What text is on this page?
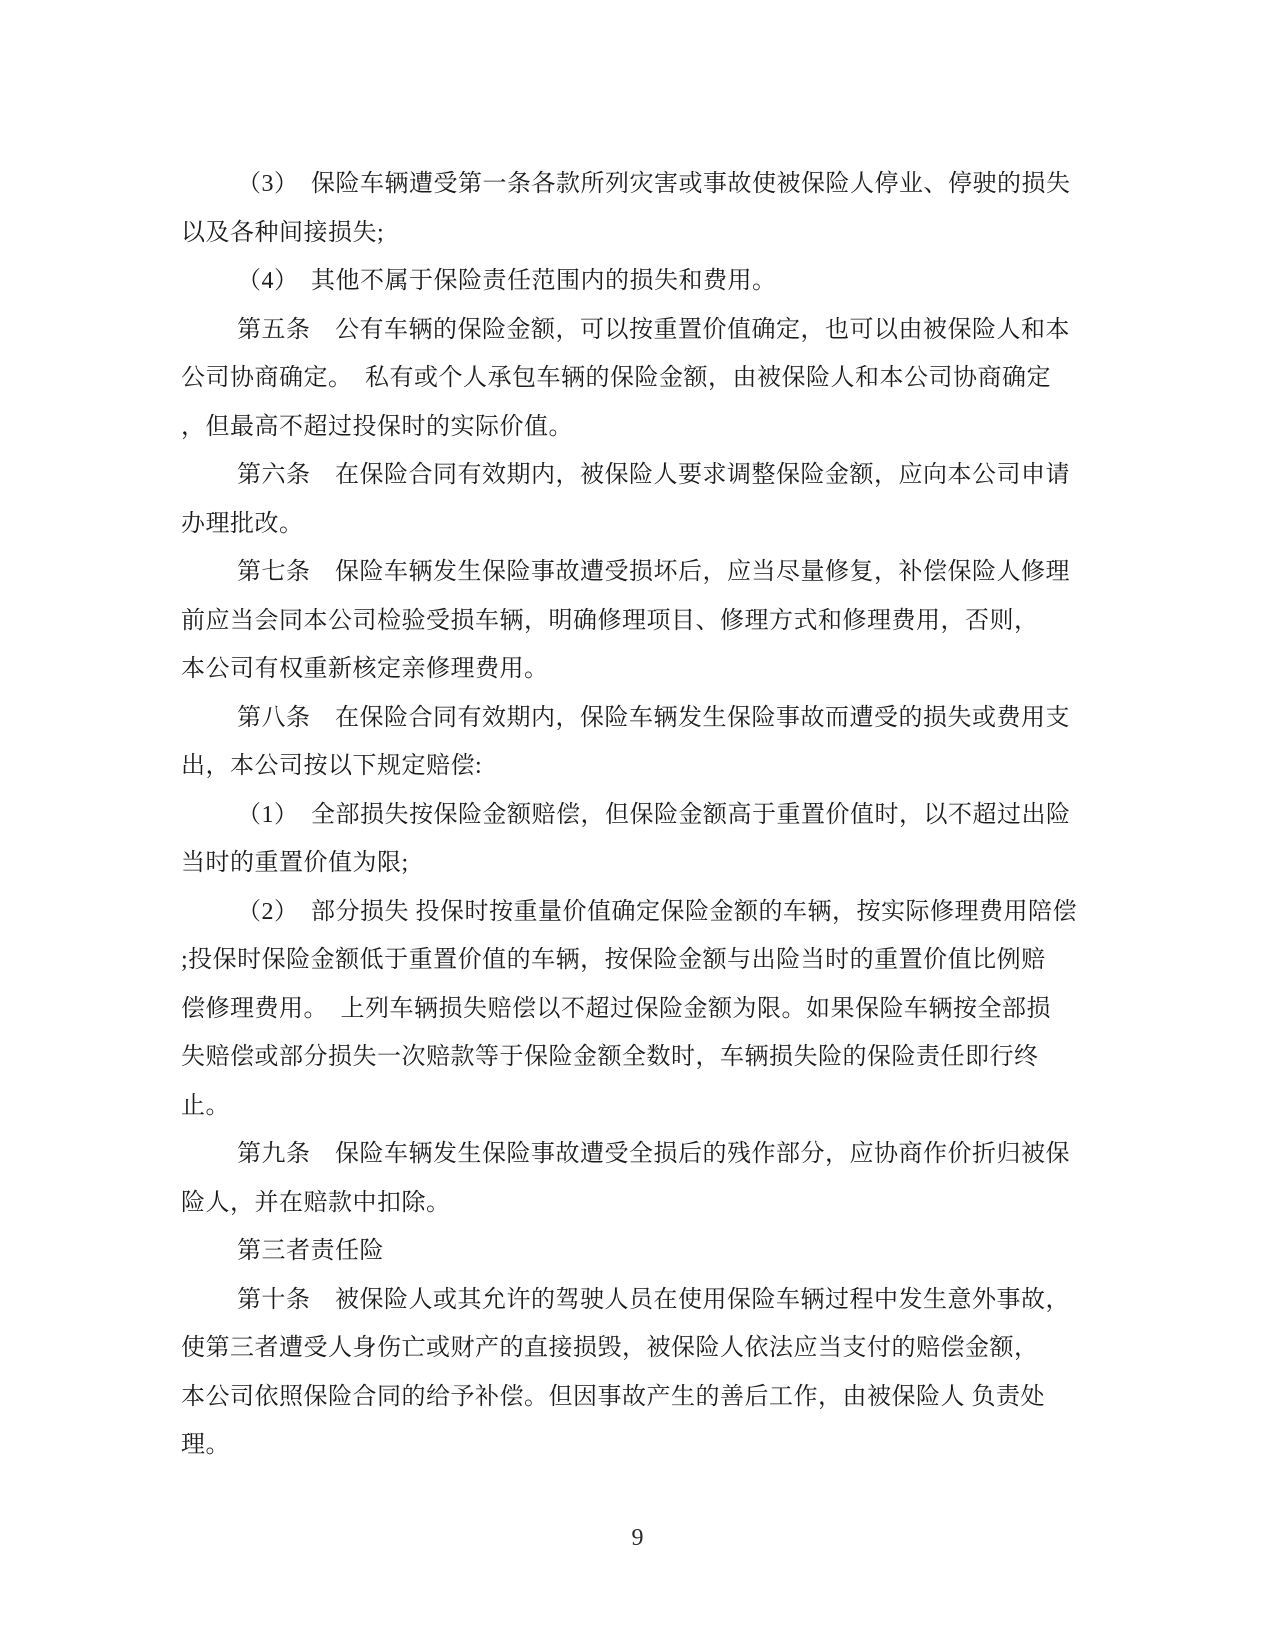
（3）　保险车辆遭受第一条各款所列灾害或事故使被保险人停业、停驶的损失
以及各种间接损失;
（4）　其他不属于保险责任范围内的损失和费用。
第五条　公有车辆的保险金额，可以按重置价值确定，也可以由被保险人和本
公司协商确定。　私有或个人承包车辆的保险金额，由被保险人和本公司协商确定
，但最高不超过投保时的实际价值。
第六条　在保险合同有效期内，被保险人要求调整保险金额，应向本公司申请
办理批改。
第七条　保险车辆发生保险事故遭受损坏后，应当尽量修复，补偿保险人修理
前应当会同本公司检验受损车辆，明确修理项目、修理方式和修理费用，否则，
本公司有权重新核定亲修理费用。
第八条　在保险合同有效期内，保险车辆发生保险事故而遭受的损失或费用支
出，本公司按以下规定赔偿:
（1）　全部损失按保险金额赔偿，但保险金额高于重置价值时，以不超过出险
当时的重置价值为限;
（2）　部分损失 投保时按重量价值确定保险金额的车辆，按实际修理费用陪偿
;投保时保险金额低于重置价值的车辆，按保险金额与出险当时的重置价值比例赔
偿修理费用。　上列车辆损失赔偿以不超过保险金额为限。如果保险车辆按全部损
失赔偿或部分损失一次赔款等于保险金额全数时，车辆损失险的保险责任即行终
止。
第九条　保险车辆发生保险事故遭受全损后的残作部分，应协商作价折归被保
险人，并在赔款中扣除。
第三者责任险
第十条　被保险人或其允许的驾驶人员在使用保险车辆过程中发生意外事故，
使第三者遭受人身伤亡或财产的直接损毁，被保险人依法应当支付的赔偿金额，
本公司依照保险合同的给予补偿。但因事故产生的善后工作，由被保险人 负责处
理。
9
